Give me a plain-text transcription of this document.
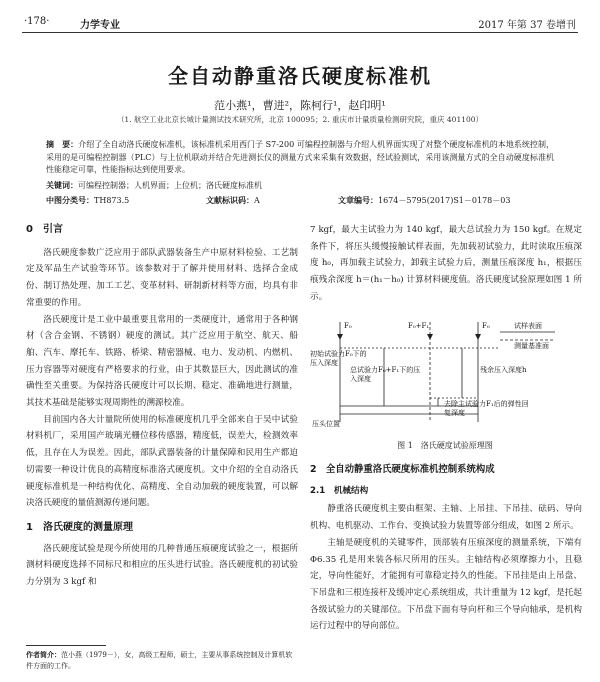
·178·	力学专业	2017 年第 37 卷增刊
全自动静重洛氏硬度标准机
范小燕¹，曹进²，陈柯行¹，赵印明¹
（1. 航空工业北京长城计量测试技术研究所，北京 100095；2. 重庆市计量质量检测研究院，重庆 401100）
摘　要：介绍了全自动洛氏硬度标准机，该标准机采用西门子 S7-200 可编程控制器与介绍人机界面实现了对整个硬度标准机的本地系统控制，采用的是可编程控制器（PLC）与上位机联动并结合先进测长仪的测量方式来采集有效数据，经试验测试，采用该测量方式的全自动硬度标准机性能稳定可靠，性能指标达到使用要求。
关键词：可编程控制器；人机界面；上位机；洛氏硬度标准机
中图分类号：TH873.5	文献标识码：A	文章编号：1674－5795(2017)S1－0178－03
0　引言

洛氏硬度参数广泛应用于部队武器装备生产中原材料检验、工艺制定及军品生产试验等环节。该参数对于了解并使用材料、选择合金成份、制订热处理、加工工艺、变革材料、研制新材料等方面，均具有非常重要的作用。

洛氏硬度计是工业中最重要且常用的一类硬度计，通常用于各种钢材（含合金钢、不锈钢）硬度的测试。其广泛应用于航空、航天、船舶、汽车、摩托车、铁路、桥梁、精密器械、电力、发动机、内燃机、压力容器等对硬度有严格要求的行业，由于其数显巨大，因此测试的准确性至关重要。为保持洛氏硬度计可以长期、稳定、准确地进行测量，其技术基础是能够实现周期性的溯源校准。

目前国内各大计量院所使用的标准硬度机几乎全部来自于吴中试验材料机厂，采用国产玻璃光栅位移传感器，精度低，误差大，检测效率低，且存在人为误差。因此，部队武器装备的计量保障和民用生产都迫切需要一种设计优良的高精度标准洛式硬度机。文中介绍的全自动洛氏硬度标准机是一种结构优化、高精度、全自动加载的硬度装置，可以解决洛氏硬度的量值测源传递问题。

1　洛氏硬度的测量原理

洛氏硬度试验是现今所使用的几种普通压痕硬度试验之一，根据所测材料硬度选择不同标尺和相应的压头进行试验。洛氏硬度机的初试验力分别为 3 kgf 和

作者简介：范小燕（1979－），女，高级工程师，硕士，主要从事系统控制及计算机软件方面的工作。

7 kgf，最大主试验力为 140 kgf，最大总试验力为 150 kgf。在规定条件下，将压头缓慢接触试样表面，先加载初试验力，此时读取压痕深度 h₀，再加载主试验力，卸载主试验力后，测量压痕深度 h₁，根据压痕残余深度 h＝(h₁－h₀) 计算材料硬度值。洛氏硬度试验原理如图 1 所示。

F₀	F₀+F₁	F₀	试样表面
测量基准面
初始试验力F₀下的压入深度
总试验力F₀+F₁下的压入深度
残余压入深度h
去除主试验力F₁后的弹性回复深度
压头位置
图 1　洛氏硬度试验原理图
2　全自动静重洛氏硬度标准机控制系统构成
2.1　机械结构

静重洛氏硬度机主要由框架、主轴、上吊挂、下吊挂、砝码、导向机构、电机驱动、工作台、变换试验力装置等部分组成，如图 2 所示。

主轴是硬度机的关键零件，顶部装有压痕深度的测量系统，下端有 Φ6.35 孔是用来装各标尺所用的压头。主轴结构必须摩擦力小，且稳定，导向性能好，才能拥有可靠稳定持久的性能。下吊挂是由上吊盘、下吊盘和三根连接杆及缓冲定心系统组成，共计重量为 12 kgf，是托起各级试验力的关键部位。下吊盘下面有导向杆和三个导向轴承，是机构运行过程中的导向部位。
